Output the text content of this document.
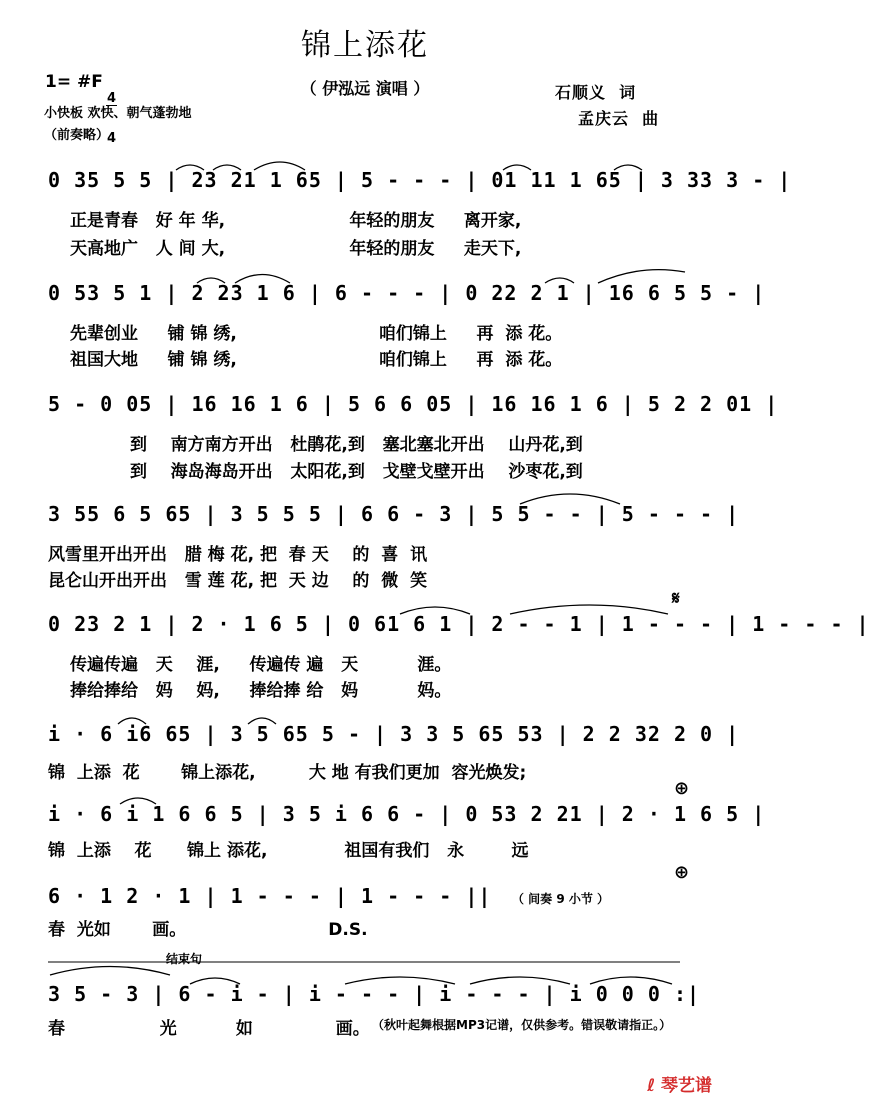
锦上添花
（ 伊泓远 演唱 ）
1= #F

4

4

小快板 欢快、朝气蓬勃地
（前奏略）
石顺义  词
孟庆云  曲
0 35 5 5 | 23 21 1 65 | 5 - - - | 01 11 1 65 | 3 33 3 - |
正是青春   好 年 华,                     年轻的朋友     离开家,
天高地广   人 间 大,                     年轻的朋友     走天下,
0 53 5 1 | 2 23 1 6 | 6 - - - | 0 22 2 1 | 16 6 5 5 - |
先辈创业     铺 锦 绣,                        咱们锦上     再  添 花。
祖国大地     铺 锦 绣,                        咱们锦上     再  添 花。
5 - 0 05 | 16 16 1 6 | 5 6 6 05 | 16 16 1 6 | 5 2 2 01 |
到    南方南方开出   杜鹃花,到   塞北塞北开出    山丹花,到
到    海岛海岛开出   太阳花,到   戈壁戈壁开出    沙枣花,到
3 55 6 5 65 | 3 5 5 5 | 6 6 - 3 | 5 5 - - | 5 - - - |
风雪里开出开出   腊 梅 花, 把  春 天    的  喜  讯
昆仑山开出开出   雪 莲 花, 把  天 边    的  微  笑
0 23 2 1 | 2 · 1 6 5 | 0 61 6 1 | 2 - - 1 | 1 - - - | 1 - - - |
传遍传遍   天    涯,     传遍传 遍   天          涯。
捧给捧给   妈    妈,     捧给捧 给   妈          妈。
𝄋
i · 6 i6 65 | 3 5 65 5 - | 3 3 5 65 53 | 2 2 32 2 0 |
锦  上添  花       锦上添花,         大 地 有我们更加  容光焕发;
i · 6 i 1 6 6 5 | 3 5 i 6 6 - | 0 53 2 21 | 2 · 1 6 5 |
锦  上添    花      锦上 添花,             祖国有我们   永        远
⊕
6 · 1 2 · 1 | 1 - - - | 1 - - - || （ 间奏 9 小节 ）
春  光如       画。                        D.S.
⊕
结束句
3 5 - 3 | 6 - i - | i - - - | i - - - | i 0 0 0 :|
春                光          如              画。 （秋叶起舞根据MP3记谱，仅供参考。错误敬请指正。）

ℓ 琴艺谱
